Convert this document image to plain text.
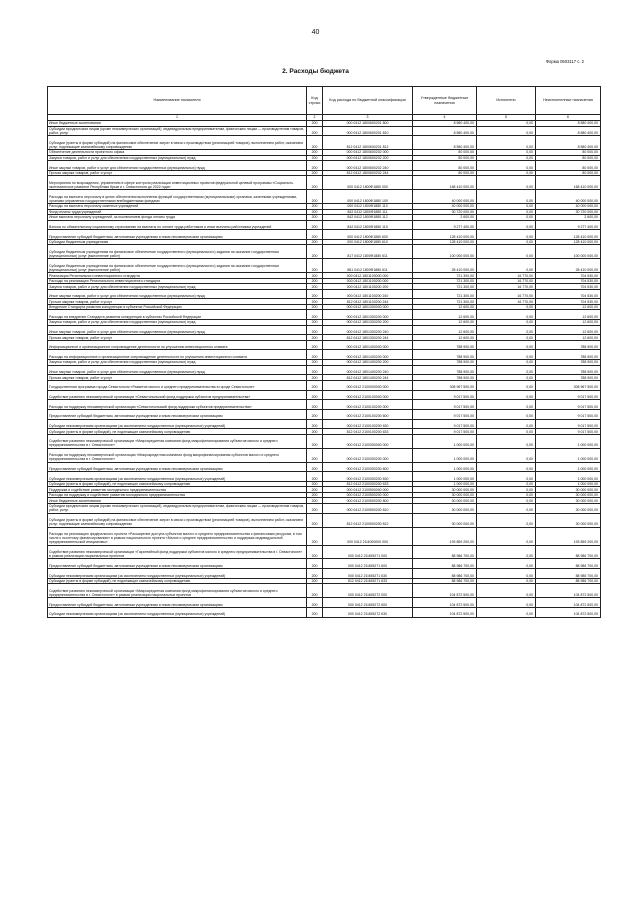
40
Форма 0503117 с. 2
2. Расходы бюджета
Наименование показателя	Код строки	Код расхода по бюджетной классификации	Утвержденные бюджетные назначения	Исполнено	Неисполненные назначения
1	2	3	4	5	6
Иные бюджетные ассигнования	200	000 0412 1800600201 800	8 580 400,00	0,00	8 580 400,00
Субсидии юридическим лицам (кроме некоммерческих организаций), индивидуальным предпринимателям, физическим лицам — производителям товаров, работ, услуг	200	000 0412 1800600201 810	8 580 400,00	0,00	8 580 400,00
Субсидии (гранты в форме субсидий) на финансовое обеспечение затрат в связи с производством (реализацией товаров), выполнением работ, оказанием услуг, подлежащие казначейскому сопровождению	200	812 0412 1800600201 812	8 580 400,00	0,00	8 580 400,00
Обеспечение деятельности проектного офиса	200	000 0412 1800600202 000	80 000,00	0,00	80 000,00
Закупка товаров, работ и услуг для обеспечения государственных (муниципальных) нужд	200	000 0412 1800600202 200	80 000,00	0,00	80 000,00
Иные закупки товаров, работ и услуг для обеспечения государственных (муниципальных) нужд	200	000 0412 1800600202 240	80 000,00	0,00	80 000,00
Прочая закупка товаров, работ и услуг	200	812 0412 1800600202 244	80 000,00	0,00	80 000,00
Мероприятия по возрождению, управлению в сфере контроля реализации инвестиционных проектов федеральной целевой программы «Социально-экономическое развитие Республики Крым и г. Севастополя до 2022 года»	200	000 0412 1800Ф1880 000	168 410 000,00	0,00	168 410 000,00
Расходы на выплаты персоналу в целях обеспечения выполнения функций государственными (муниципальными) органами, казенными учреждениями, органами управления государственными внебюджетными фондами	200	000 0412 1800Ф1880 100	40 000 000,00	0,00	40 000 000,00
Расходы на выплаты персоналу казенных учреждений	200	000 0412 1800Ф1880 110	40 000 000,00	0,00	40 000 000,00
Фонд оплаты труда учреждений	200	842 0412 1800Ф1880 111	30 720 000,00	0,00	30 720 000,00
Иные выплаты персоналу учреждений, за исключением фонда оплаты труда	200	842 0412 1800Ф1880 112	2 600,00	0,00	2 600,00
Взносы по обязательному социальному страхованию на выплаты по оплате труда работников и иные выплаты работникам учреждений	200	842 0412 1800Ф1880 119	9 277 400,00	0,00	9 277 400,00
Предоставление субсидий бюджетным, автономным учреждениям и иным некоммерческим организациям	200	000 0412 1800Ф1880 600	128 410 000,00	0,00	128 410 000,00
Субсидии бюджетным учреждениям	200	000 0412 1800Ф1880 610	128 410 000,00	0,00	128 410 000,00
Субсидии бюджетным учреждениям на финансовое обеспечение государственного (муниципального) задания на оказание государственных (муниципальных) услуг (выполнение работ)	200	817 0412 1800Ф1880 611	100 000 000,00	0,00	100 000 000,00
Субсидии бюджетным учреждениям на финансовое обеспечение государственного (муниципального) задания на оказание государственных (муниципальных) услуг (выполнение работ)	200	861 0412 1800Ф1880 611	28 410 000,00	0,00	28 410 000,00
Реализация Регионального инвестиционного стандарта	200	000 0412 1801100000 000	721 300,00	16 770,00	704 530,00
Расходы на реализацию Регионального инвестиционного стандарта	200	000 0412 1801100200 000	721 300,00	16 770,00	704 530,00
Закупка товаров, работ и услуг для обеспечения государственных (муниципальных) нужд	200	000 0412 1801100200 200	721 300,00	16 770,00	704 530,00
Иные закупки товаров, работ и услуг для обеспечения государственных (муниципальных) нужд	200	000 0412 1801100200 240	721 300,00	16 770,00	704 530,00
Прочая закупка товаров, работ и услуг	200	812 0412 1801100200 244	721 300,00	16 770,00	704 530,00
Внедрение Стандарта развития конкуренции в субъектах Российской Федерации	200	000 0412 1801300000 000	12 600,00	0,00	12 600,00
Расходы на внедрение Стандарта развития конкуренции в субъектах Российской Федерации	200	000 0412 1801300200 000	12 600,00	0,00	12 600,00
Закупка товаров, работ и услуг для обеспечения государственных (муниципальных) нужд	200	000 0412 1801300200 200	12 600,00	0,00	12 600,00
Иные закупки товаров, работ и услуг для обеспечения государственных (муниципальных) нужд	200	000 0412 1801300200 240	12 600,00	0,00	12 600,00
Прочая закупка товаров, работ и услуг	200	812 0412 1801300200 244	12 600,00	0,00	12 600,00
Информационное и организационное сопровождение деятельности по улучшению инвестиционного климата	200	000 0412 1801400000 000	788 900,00	0,00	788 900,00
Расходы на информационное и организационное сопровождение деятельности по улучшению инвестиционного климата	200	000 0412 1801400200 000	788 900,00	0,00	788 900,00
Закупка товаров, работ и услуг для обеспечения государственных (муниципальных) нужд	200	000 0412 1801400200 200	788 900,00	0,00	788 900,00
Иные закупки товаров, работ и услуг для обеспечения государственных (муниципальных) нужд	200	000 0412 1801400200 240	788 900,00	0,00	788 900,00
Прочая закупка товаров, работ и услуг	200	812 0412 1801400200 244	788 900,00	0,00	788 900,00
Государственная программа города Севастополя «Развитие малого и среднего предпринимательства в городе Севастополе»	200	000 0412 2100000000 000	308 967 500,00	0,00	308 967 500,00
Содействие развитию некоммерческой организации «Севастопольский фонд поддержки субъектов предпринимательства»	200	000 0412 2100100000 000	9 017 500,00	0,00	9 017 500,00
Расходы на поддержку некоммерческой организации «Севастопольский фонд поддержки субъектов предпринимательства»	200	000 0412 2100100200 000	9 017 500,00	0,00	9 017 500,00
Предоставление субсидий бюджетным, автономным учреждениям и иным некоммерческим организациям	200	000 0412 2100100200 600	9 017 500,00	0,00	9 017 500,00
Субсидии некоммерческим организациям (за исключением государственных (муниципальных) учреждений)	200	000 0412 2100100200 630	9 017 500,00	0,00	9 017 500,00
Субсидии (гранты в форме субсидий), не подлежащие казначейскому сопровождению	200	812 0412 2100100200 633	9 017 500,00	0,00	9 017 500,00
Содействие развитию некоммерческой организации «Микрокредитная компания фонд микрофинансирования субъектов малого и среднего предпринимательства в г. Севастополе»	200	000 0412 2100300000 000	1 000 000,00	0,00	1 000 000,00
Расходы на поддержку некоммерческой организации «Микрокредитная компания фонд микрофинансирования субъектов малого и среднего предпринимательства в г. Севастополе»	200	000 0412 2100300200 000	1 000 000,00	0,00	1 000 000,00
Предоставление субсидий бюджетным, автономным учреждениям и иным некоммерческим организациям	200	000 0412 2100300200 600	1 000 000,00	0,00	1 000 000,00
Субсидии некоммерческим организациям (за исключением государственных (муниципальных) учреждений)	200	000 0412 2100300200 630	1 000 000,00	0,00	1 000 000,00
Субсидии (гранты в форме субсидий), не подлежащие казначейскому сопровождению	200	812 0412 2100300200 633	1 000 000,00	0,00	1 000 000,00
Поддержка и содействие развитию молодежного предпринимательства	200	000 0412 2100500000 000	30 000 000,00	0,00	30 000 000,00
Расходы на поддержку и содействие развитию молодежного предпринимательства	200	000 0412 2100500200 000	30 000 000,00	0,00	30 000 000,00
Иные бюджетные ассигнования	200	000 0412 2100500200 800	30 000 000,00	0,00	30 000 000,00
Субсидии юридическим лицам (кроме некоммерческих организаций), индивидуальным предпринимателям, физическим лицам — производителям товаров, работ, услуг	200	000 0412 2100500200 810	30 000 000,00	0,00	30 000 000,00
Субсидии (гранты в форме субсидий) на финансовое обеспечение затрат в связи с производством (реализацией товаров), выполнением работ, оказанием услуг, подлежащие казначейскому сопровождению	200	812 0412 2100500200 812	30 000 000,00	0,00	30 000 000,00
Расходы на реализацию федерального проекта «Расширение доступа субъектов малого и среднего предпринимательства к финансовым ресурсам, в том числе к льготному финансированию» в рамках национального проекта «Малое и среднее предпринимательство и поддержка индивидуальной предпринимательской инициативы»	200	000 0412 21I4000000 000	193 859 200,00	0,00	193 859 200,00
Содействие развитию некоммерческой организации «Гарантийный фонд поддержки субъектов малого и среднего предпринимательства в г. Севастополе» в рамках реализации национальных проектов	200	000 0412 21I455271 000	88 986 700,00	0,00	88 986 700,00
Предоставление субсидий бюджетным, автономным учреждениям и иным некоммерческим организациям	200	000 0412 21I455271 600	88 986 700,00	0,00	88 986 700,00
Субсидии некоммерческим организациям (за исключением государственных (муниципальных) учреждений)	200	000 0412 21I455271 630	88 986 700,00	0,00	88 986 700,00
Субсидии (гранты в форме субсидий), не подлежащие казначейскому сопровождению	200	812 0412 21I455271 633	88 986 700,00	0,00	88 986 700,00
Содействие развитию некоммерческой организации «Микрокредитная компания фонд микрофинансирования субъектов малого и среднего предпринимательства в г. Севастополе» в рамках реализации национальных проектов	200	000 0412 21I455272 000	104 872 500,00	0,00	104 872 500,00
Предоставление субсидий бюджетным, автономным учреждениям и иным некоммерческим организациям	200	000 0412 21I455272 600	104 872 500,00	0,00	104 872 500,00
Субсидии некоммерческим организациям (за исключением государственных (муниципальных) учреждений)	200	000 0412 21I455272 630	104 872 500,00	0,00	104 872 500,00
